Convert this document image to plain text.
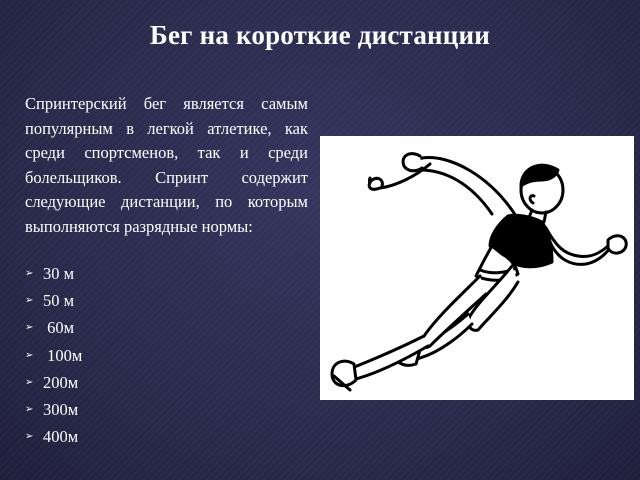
Бег на короткие дистанции
Спринтерский бег является самым популярным в легкой атлетике, как среди спортсменов, так и среди болельщиков. Спринт содержит следующие дистанции, по которым выполняются разрядные нормы:
➢ 30 м
➢ 50 м
➢ 60м
➢ 100м
➢ 200м
➢ 300м
➢ 400м
